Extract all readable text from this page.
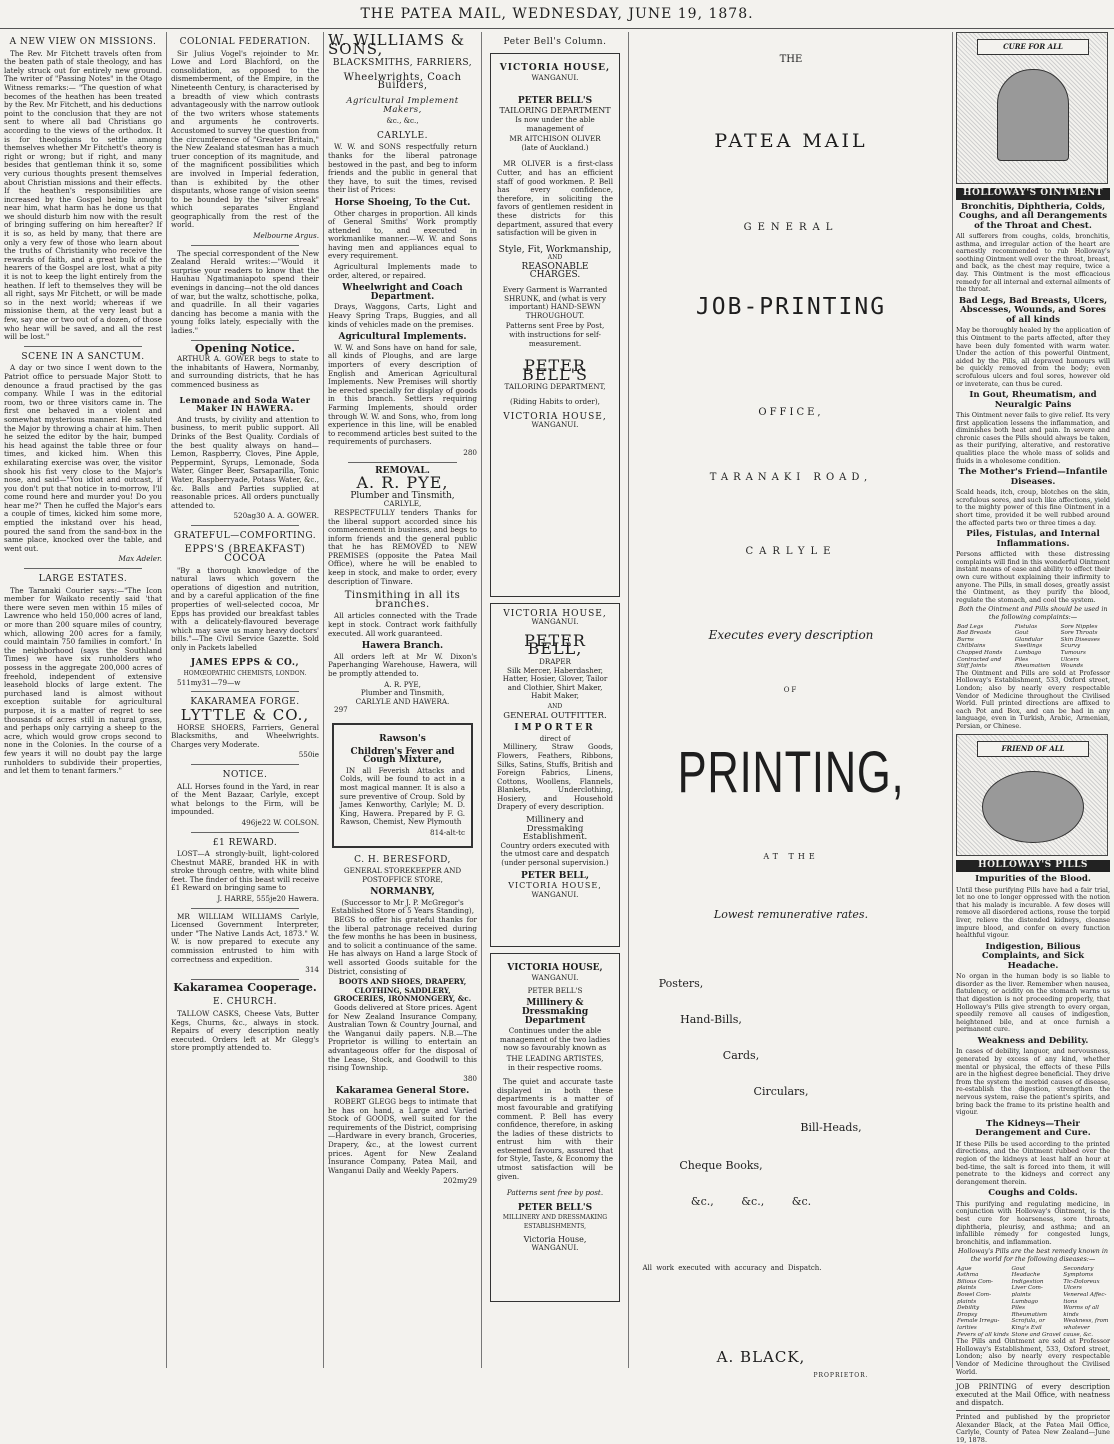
THE PATEA MAIL, WEDNESDAY, JUNE 19, 1878.
A NEW VIEW ON MISSIONS.

The Rev. Mr Fitchett travels often from the beaten path of stale theology, and has lately struck out for entirely new ground. The writer of "Passing Notes" in the Otago Witness remarks:— "The question of what becomes of the heathen has been treated by the Rev. Mr Fitchett, and his deductions point to the conclusion that they are not sent to where all bad Christians go according to the views of the orthodox. It is for theologians to settle among themselves whether Mr Fitchett's theory is right or wrong; but if right, and many besides that gentleman think it so, some very curious thoughts present themselves about Christian missions and their effects. If the heathen's responsibilities are increased by the Gospel being brought near him, what harm has he done us that we should disturb him now with the result of bringing suffering on him hereafter? If it is so, as held by many, that there are only a very few of those who learn about the truths of Christianity who receive the rewards of faith, and a great bulk of the hearers of the Gospel are lost, what a pity it is not to keep the light entirely from the heathen. If left to themselves they will be all right, says Mr Fitchett, or will be made so in the next world; whereas if we missionise them, at the very least but a few, say one or two out of a dozen, of those who hear will be saved, and all the rest will be lost."

SCENE IN A SANCTUM.

A day or two since I went down to the Patriot office to persuade Major Stott to denounce a fraud practised by the gas company. While I was in the editorial room, two or three visitors came in. The first one behaved in a violent and somewhat mysterious manner. He saluted the Major by throwing a chair at him. Then he seized the editor by the hair, bumped his head against the table three or four times, and kicked him. When this exhilarating exercise was over, the visitor shook his fist very close to the Major's nose, and said—"You idiot and outcast, if you don't put that notice in to-morrow, I'll come round here and murder you! Do you hear me?" Then he cuffed the Major's ears a couple of times, kicked him some more, emptied the inkstand over his head, poured the sand from the sand-box in the same place, knocked over the table, and went out.

Max Adeler.

LARGE ESTATES.

The Taranaki Courier says:—"The Icon member for Waikato recently said 'that there were seven men within 15 miles of Lawrence who held 150,000 acres of land, or more than 200 square miles of country, which, allowing 200 acres for a family, could maintain 750 families in comfort.' In the neighborhood (says the Southland Times) we have six runholders who possess in the aggregate 200,000 acres of freehold, independent of extensive leasehold blocks of large extent. The purchased land is almost without exception suitable for agricultural purpose, it is a matter of regret to see thousands of acres still in natural grass, and perhaps only carrying a sheep to the acre, which would grow crops second to none in the Colonies. In the course of a few years it will no doubt pay the large runholders to subdivide their properties, and let them to tenant farmers."

COLONIAL FEDERATION.

Sir Julius Vogel's rejoinder to Mr. Lowe and Lord Blachford, on the consolidation, as opposed to the dismemberment, of the Empire, in the Nineteenth Century, is characterised by a breadth of view which contrasts advantageously with the narrow outlook of the two writers whose statements and arguments he controverts. Accustomed to survey the question from the circumference of "Greater Britain," the New Zealand statesman has a much truer conception of its magnitude, and of the magnificent possibilities which are involved in Imperial federation, than is exhibited by the other disputants, whose range of vision seems to be bounded by the "silver streak" which separates England geographically from the rest of the world.

Melbourne Argus.

The special correspondent of the New Zealand Herald writes:—"Would it surprise your readers to know that the Hauhau Ngatimaniapoto spend their evenings in dancing—not the old dances of war, but the waltz, schottische, polka, and quadrille. In all their vagaries dancing has become a mania with the young folks lately, especially with the ladies."

Opening Notice.

ARTHUR A. GOWER begs to state to the inhabitants of Hawera, Normanby, and surrounding districts, that he has commenced business as

Lemonade and Soda Water Maker IN HAWERA.

And trusts, by civility and attention to business, to merit public support. All Drinks of the Best Quality. Cordials of the best quality always on hand—Lemon, Raspberry, Cloves, Pine Apple, Peppermint, Syrups, Lemonade, Soda Water, Ginger Beer, Sarsaparilla, Tonic Water, Raspberryade, Potass Water, &c., &c. Balls and Parties supplied at reasonable prices. All orders punctually attended to.

520ag30 A. A. GOWER.

GRATEFUL—COMFORTING.
EPPS'S (BREAKFAST) COCOA

"By a thorough knowledge of the natural laws which govern the operations of digestion and nutrition, and by a careful application of the fine properties of well-selected cocoa, Mr Epps has provided our breakfast tables with a delicately-flavoured beverage which may save us many heavy doctors' bills."—The Civil Service Gazette. Sold only in Packets labelled

JAMES EPPS & CO.,
HOMŒOPATHIC CHEMISTS, LONDON.

511my31—79—w

KAKARAMEA FORGE.
LYTTLE & CO.,

HORSE SHOERS, Farriers, General Blacksmiths, and Wheelwrights. Charges very Moderate.

550ie

NOTICE.

ALL Horses found in the Yard, in rear of the Ment Bazaar, Carlyle, except what belongs to the Firm, will be impounded.

496je22 W. COLSON.

£1 REWARD.

LOST—A strongly-built, light-colored Chestnut MARE, branded HK in with stroke through centre, with white blind feet. The finder of this beast will receive £1 Reward on bringing same to

J. HARRE, 555je20 Hawera.

MR WILLIAM WILLIAMS Carlyle, Licensed Government Interpreter, under "The Native Lands Act, 1873." W. W. is now prepared to execute any commission entrusted to him with correctness and expedition.

314

Kakaramea Cooperage.
E. CHURCH.

TALLOW CASKS, Cheese Vats, Butter Kegs, Churns, &c., always in stock. Repairs of every description neatly executed. Orders left at Mr Glegg's store promptly attended to.

W. WILLIAMS & SONS,
BLACKSMITHS, FARRIERS,
Wheelwrights, Coach Builders,
Agricultural Implement Makers,
&c., &c.,
CARLYLE.

W. W. and SONS respectfully return thanks for the liberal patronage bestowed in the past, and beg to inform friends and the public in general that they have, to suit the times, revised their list of Prices:

Horse Shoeing, To the Cut.

Other charges in proportion. All kinds of General Smiths' Work promptly attended to, and executed in workmanlike manner.—W. W. and Sons having men and appliances equal to every requirement.

Agricultural Implements made to order, altered, or repaired.

Wheelwright and Coach Department.

Drays, Waggons, Carts, Light and Heavy Spring Traps, Buggies, and all kinds of vehicles made on the premises.

Agricultural Implements.

W. W. and Sons have on hand for sale, all kinds of Ploughs, and are large importers of every description of English and American Agricultural Implements. New Premises will shortly be erected specially for display of goods in this branch. Settlers requiring Farming Implements, should order through W. W. and Sons, who, from long experience in this line, will be enabled to recommend articles best suited to the requirements of purchasers.

280

REMOVAL.
A. R. PYE,
Plumber and Tinsmith,
CARLYLE,

RESPECTFULLY tenders Thanks for the liberal support accorded since his commencement in business, and begs to inform friends and the general public that he has REMOVED to NEW PREMISES (opposite the Patea Mail Office), where he will be enabled to keep in stock, and make to order, every description of Tinware.

Tinsmithing in all its branches.

All articles connected with the Trade kept in stock. Contract work faithfully executed. All work guaranteed.

Hawera Branch.

All orders left at Mr W. Dixon's Paperhanging Warehouse, Hawera, will be promptly attended to.

A. R. PYE,
Plumber and Tinsmith,
CARLYLE AND HAWERA.

297

Rawson's
Children's Fever and Cough Mixture,

IN all Feverish Attacks and Colds, will be found to act in a most magical manner. It is also a sure preventive of Croup. Sold by James Kenworthy, Carlyle; M. D. King, Hawera. Prepared by F. G. Rawson, Chemist, New Plymouth

814-alt-tc

C. H. BERESFORD,
GENERAL STOREKEEPER AND POSTOFFICE STORE,
NORMANBY,
(Successor to Mr J. P. McGregor's Established Store of 5 Years Standing),

BEGS to offer his grateful thanks for the liberal patronage received during the few months he has been in business, and to solicit a continuance of the same. He has always on Hand a large Stock of well assorted Goods suitable for the District, consisting of

BOOTS AND SHOES, DRAPERY, CLOTHING, SADDLERY, GROCERIES, IRONMONGERY, &c.

Goods delivered at Store prices. Agent for New Zealand Insurance Company, Australian Town & Country Journal, and the Wanganui daily papers. N.B.—The Proprietor is willing to entertain an advantageous offer for the disposal of the Lease, Stock, and Goodwill to this rising Township.

380

Kakaramea General Store.

ROBERT GLEGG begs to intimate that he has on hand, a Large and Varied Stock of GOODS, well suited for the requirements of the District, comprising—Hardware in every branch, Groceries, Drapery, &c., at the lowest current prices. Agent for New Zealand Insurance Company, Patea Mail, and Wanganui Daily and Weekly Papers.

202my29

Peter Bell's Column.
VICTORIA HOUSE,
WANGANUI.
PETER BELL'S
TAILORING DEPARTMENT

Is now under the able management of

MR AITCHISON OLIVER
(late of Auckland.)

MR OLIVER is a first-class Cutter, and has an efficient staff of good workmen. P. Bell has every confidence, therefore, in soliciting the favors of gentlemen resident in these districts for this department, assured that every satisfaction will be given in

Style, Fit, Workmanship,
AND
REASONABLE CHARGES.

Every Garment is Warranted SHRUNK, and (what is very important) HAND-SEWN THROUGHOUT.

Patterns sent Free by Post, with instructions for self-measurement.

PETER BELL'S
TAILORING DEPARTMENT,
(Riding Habits to order),
VICTORIA HOUSE,
WANGANUI.
VICTORIA HOUSE,
WANGANUI.
PETER BELL,
DRAPER

Silk Mercer, Haberdasher, Hatter, Hosier, Glover, Tailor and Clothier, Shirt Maker, Habit Maker,

AND
GENERAL OUTFITTER.
IMPORTER
direct of

Millinery, Straw Goods, Flowers, Feathers, Ribbons, Silks, Satins, Stuffs, British and Foreign Fabrics, Linens, Cottons, Woollens, Flannels, Blankets, Underclothing, Hosiery, and Household Drapery of every description.

Millinery and Dressmaking Establishment.

Country orders executed with the utmost care and despatch (under personal supervision.)

PETER BELL,
VICTORIA HOUSE,
WANGANUI.
VICTORIA HOUSE,
WANGANUI.
PETER BELL'S
Millinery & Dressmaking Department

Continues under the able management of the two ladies now so favourably known as

THE LEADING ARTISTES,
in their respective rooms.

The quiet and accurate taste displayed in both these departments is a matter of most favourable and gratifying comment. P. Bell has every confidence, therefore, in asking the ladies of these districts to entrust him with their esteemed favours, assured that for Style, Taste, & Economy the utmost satisfaction will be given.

Patterns sent free by post.
PETER BELL'S
MILLINERY AND DRESSMAKING ESTABLISHMENTS,
Victoria House,
WANGANUI.
THE
PATEA MAIL
GENERAL
JOB-PRINTING
OFFICE,
TARANAKI ROAD,
CARLYLE
Executes every description
OF
PRINTING,
AT THE
Lowest remunerative rates.
Posters,
Hand-Bills,
Cards,
Circulars,
Bill-Heads,
Cheque Books,
&c., &c., &c.
All work executed with accuracy and Dispatch.
A. BLACK,
PROPRIETOR.
CURE FOR ALL
HOLLOWAY'S OINTMENT
Bronchitis, Diphtheria, Colds, Coughs, and all Derangements of the Throat and Chest.

All sufferers from coughs, colds, bronchitis, asthma, and irregular action of the heart are earnestly recommended to rub Holloway's soothing Ointment well over the throat, breast, and back, as the chest may require, twice a day. This Ointment is the most efficacious remedy for all internal and external ailments of the throat.

Bad Legs, Bad Breasts, Ulcers, Abscesses, Wounds, and Sores of all kinds

May be thoroughly healed by the application of this Ointment to the parts affected, after they have been duly fomented with warm water. Under the action of this powerful Ointment, aided by the Pills, all depraved humours will be quickly removed from the body; even scrofulous ulcers and foul sores, however old or inveterate, can thus be cured.

In Gout, Rheumatism, and Neuralgic Pains

This Ointment never fails to give relief. Its very first application lessens the inflammation, and diminishes both heat and pain. In severe and chronic cases the Pills should always be taken, as their purifying, alterative, and restorative qualities place the whole mass of solids and fluids in a wholesome condition.

The Mother's Friend—Infantile Diseases.

Scald heads, itch, croup, blotches on the skin, scrofulous sores, and such like affections, yield to the mighty power of this fine Ointment in a short time, provided it be well rubbed around the affected parts two or three times a day.

Piles, Fistulas, and Internal Inflammations.

Persons afflicted with these distressing complaints will find in this wonderful Ointment instant means of ease and ability to effect their own cure without explaining their infirmity to anyone. The Pills, in small doses, greatly assist the Ointment, as they purify the blood, regulate the stomach, and cool the system.

Both the Ointment and Pills should be used in the following complaints:—

Bad Legs	Fistulas	Sore Nipples
Bad Breasts	Gout	Sore Throats
Burns	Glandular	Skin Diseases
Chilblains	Swellings	Scurvy
Chapped Hands	Lumbago	Tumours
Contracted and	Piles	Ulcers
Stiff Joints	Rheumatism	Wounds

The Ointment and Pills are sold at Professor Holloway's Establishment, 533, Oxford street, London; also by nearly every respectable Vendor of Medicine throughout the Civilised World. Full printed directions are affixed to each Pot and Box, and can be had in any language, even in Turkish, Arabic, Armenian, Persian, or Chinese.

FRIEND OF ALL
HOLLOWAY'S PILLS
Impurities of the Blood.

Until these purifying Pills have had a fair trial, let no one to longer oppressed with the notion that his malady is incurable. A few doses will remove all disordered actions, rouse the torpid liver, relieve the distended kidneys, cleanse impure blood, and confer on every function healthful vigour.

Indigestion, Bilious Complaints, and Sick Headache.

No organ in the human body is so liable to disorder as the liver. Remember when nausea, flatulency, or acidity on the stomach warns us that digestion is not proceeding properly, that Holloway's Pills give strength to every organ, speedily remove all causes of indigestion, heightened bile, and at once furnish a permanent cure.

Weakness and Debility.

In cases of debility, languor, and nervousness, generated by excess of any kind, whether mental or physical, the effects of these Pills are in the highest degree beneficial. They drive from the system the morbid causes of disease, re-establish the digestion, strengthen the nervous system, raise the patient's spirits, and bring back the frame to its pristine health and vigour.

The Kidneys—Their Derangement and Cure.

If these Pills be used according to the printed directions, and the Ointment rubbed over the region of the kidneys at least half an hour at bed-time, the salt is forced into them, it will penetrate to the kidneys and correct any derangement therein.

Coughs and Colds.

This purifying and regulating medicine, in conjunction with Holloway's Ointment, is the best cure for hoarseness, sore throats, diphtheria, pleurisy, and asthma; and an infallible remedy for congested lungs, bronchitis, and inflammation.

Holloway's Pills are the best remedy known in the world for the following diseases:—

Ague	Gout	Secondary
Asthma	Headache	Symptoms
Bilious Com-	Indigestion	Tic-Doloreux
plaints	Liver Com-	Ulcers
Bowel Com-	plaints	Venereal Affec-
plaints	Lumbago	tions
Debility	Piles	Worms of all
Dropsy	Rheumatism	kinds
Female Irregu-	Scrofula, or	Weakness, from
larities	King's Evil	whatever
Fevers of all kinds	Stone and Gravel	cause, &c.

The Pills and Ointment are sold at Professor Holloway's Establishment, 533, Oxford street, London; also by nearly every respectable Vendor of Medicine throughout the Civilised World.

JOB PRINTING of every description executed at the Mail Office, with neatness and dispatch.

Printed and published by the proprietor Alexander Black, at the Patea Mail Office, Carlyle, County of Patea New Zealand—June 19, 1878.
